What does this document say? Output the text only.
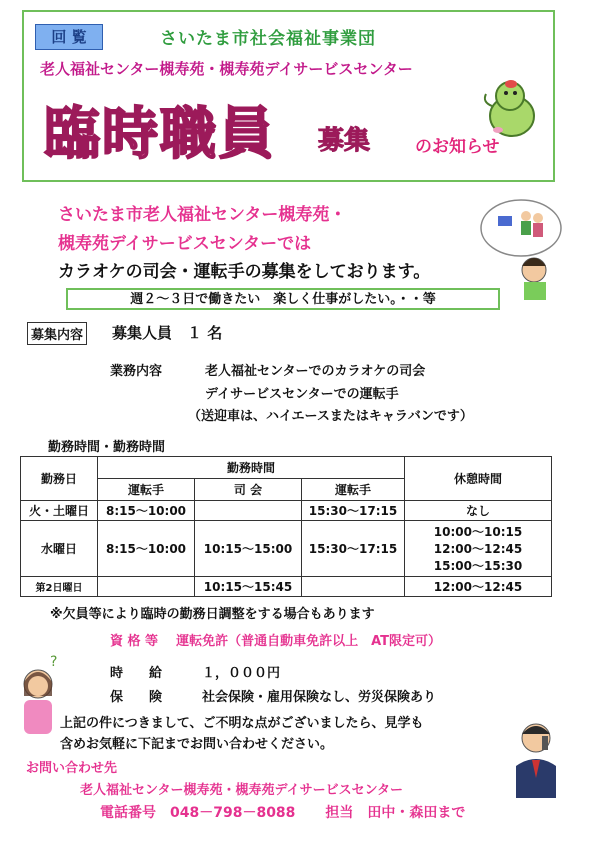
回 覧	さいたま市社会福祉事業団
老人福祉センター槻寿苑・槻寿苑デイサービスセンター
臨時職員 募集	のお知らせ
さいたま市老人福祉センター槻寿苑・
槻寿苑デイサービスセンターでは
カラオケの司会・運転手の募集をしております。
週２～３日で働きたい　楽しく仕事がしたい。・・等
募集内容 募集人員　１ 名
業務内容	老人福祉センターでのカラオケの司会
デイサービスセンターでの運転手
（送迎車は、ハイエースまたはキャラバンです）
勤務時間・勤務時間
勤務日	勤務時間			休憩時間
	運転手	司 会	運転手	
火・土曜日	8:15～10:00		15:30～17:15	なし
水曜日	8:15～10:00	10:15～15:00	15:30～17:15	10:00～10:15
12:00～12:45
15:00～15:30

第2日曜日		10:15～15:45		12:00～12:45
※欠員等により臨時の勤務日調整をする場合もあります
資 格 等 運転免許（普通自動車免許以上　AT限定可）
時　　給	１，０００円
保　　険	社会保険・雇用保険なし、労災保険あり
?
上記の件につきまして、ご不明な点がございましたら、見学も
含めお気軽に下記までお問い合わせください。
お問い合わせ先
老人福祉センター槻寿苑・槻寿苑デイサービスセンター
電話番号 048－798－8088 担当　田中・森田まで
